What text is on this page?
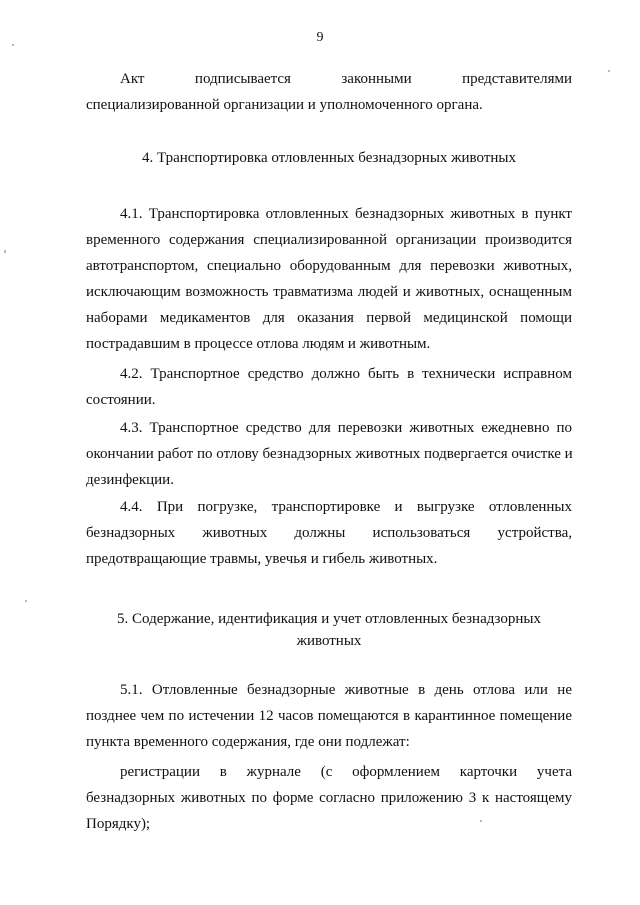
9
Акт подписывается законными представителями
специализированной организации и уполномоченного органа.
4. Транспортировка отловленных безнадзорных животных
4.1. Транспортировка отловленных безнадзорных животных в пункт
временного содержания специализированной организации производится
автотранспортом, специально оборудованным для перевозки животных,
исключающим возможность травматизма людей и животных, оснащенным
наборами медикаментов для оказания первой медицинской помощи
пострадавшим в процессе отлова людям и животным.
4.2. Транспортное средство должно быть в технически исправном
состоянии.
4.3. Транспортное средство для перевозки животных ежедневно по
окончании работ по отлову безнадзорных животных подвергается очистке и
дезинфекции.
4.4. При погрузке, транспортировке и выгрузке отловленных
безнадзорных животных должны использоваться устройства,
предотвращающие травмы, увечья и гибель животных.
5. Содержание, идентификация и учет отловленных безнадзорных
животных
5.1. Отловленные безнадзорные животные в день отлова или не
позднее чем по истечении 12 часов помещаются в карантинное помещение
пункта временного содержания, где они подлежат:
регистрации в журнале (с оформлением карточки учета
безнадзорных животных по форме согласно приложению 3 к настоящему
Порядку);
